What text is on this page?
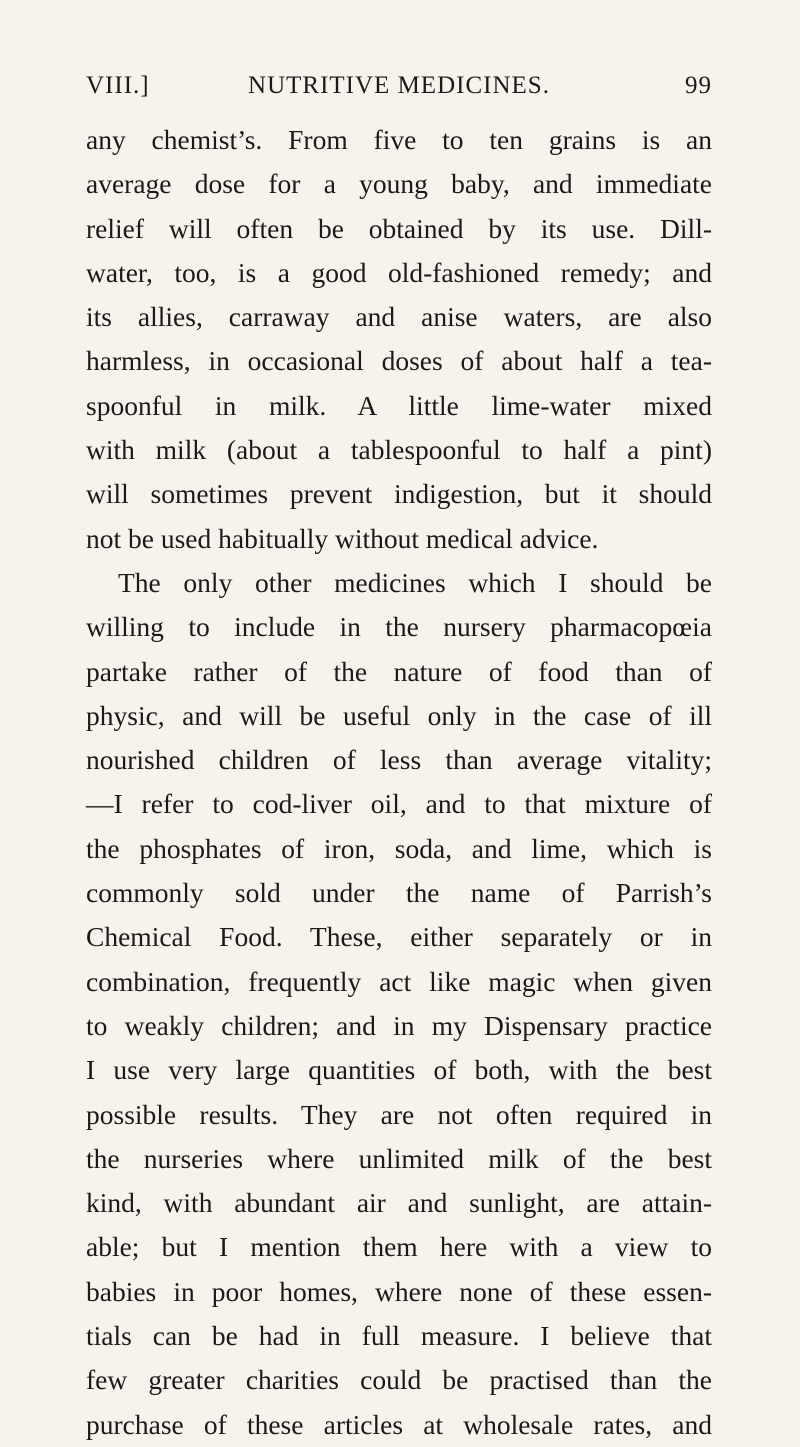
VIII.]	NUTRITIVE MEDICINES.	99
any chemist’s. From five to ten grains is an
average dose for a young baby, and immediate
relief will often be obtained by its use. Dill-
water, too, is a good old-fashioned remedy; and
its allies, carraway and anise waters, are also
harmless, in occasional doses of about half a tea-
spoonful in milk. A little lime-water mixed
with milk (about a tablespoonful to half a pint)
will sometimes prevent indigestion, but it should
not be used habitually without medical advice.
The only other medicines which I should be
willing to include in the nursery pharmacopœia
partake rather of the nature of food than of
physic, and will be useful only in the case of ill
nourished children of less than average vitality;
—I refer to cod-liver oil, and to that mixture of
the phosphates of iron, soda, and lime, which is
commonly sold under the name of Parrish’s
Chemical Food. These, either separately or in
combination, frequently act like magic when given
to weakly children; and in my Dispensary practice
I use very large quantities of both, with the best
possible results. They are not often required in
the nurseries where unlimited milk of the best
kind, with abundant air and sunlight, are attain-
able; but I mention them here with a view to
babies in poor homes, where none of these essen-
tials can be had in full measure. I believe that
few greater charities could be practised than the
purchase of these articles at wholesale rates, and
